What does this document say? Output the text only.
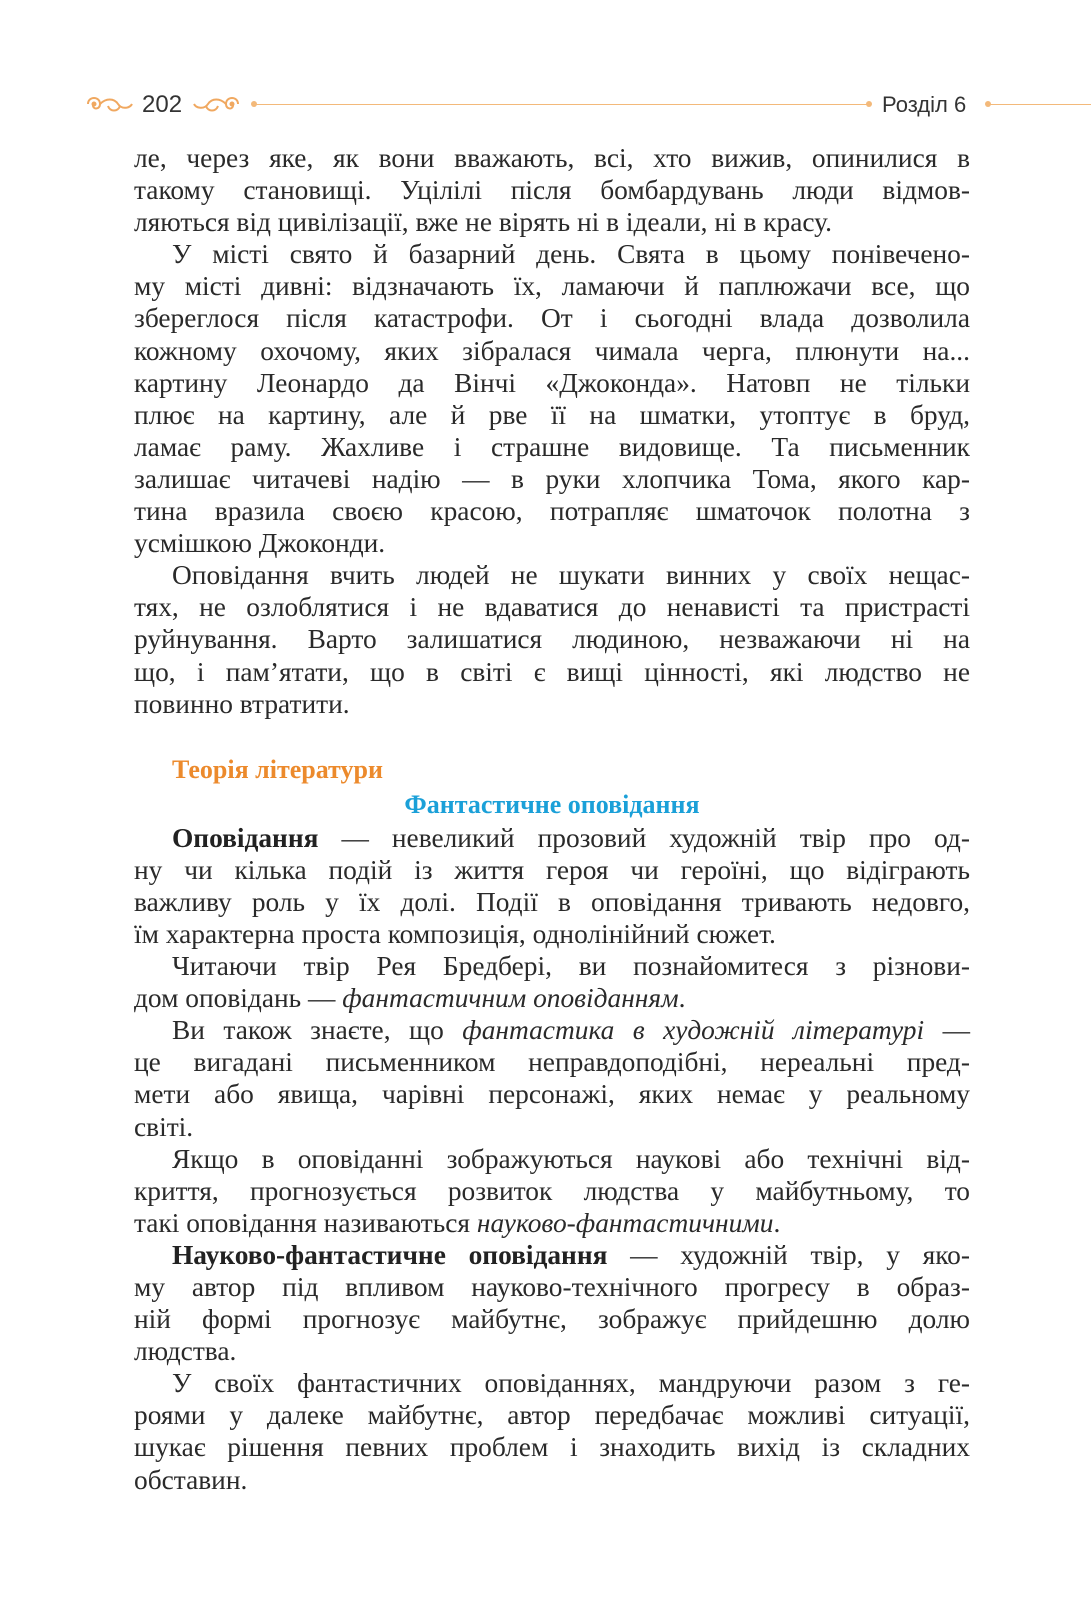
202	Розділ 6

ле, через яке, як вони вважають, всі, хто вижив, опинилися в
такому становищі. Уцілілі після бомбардувань люди відмов-
ляються від цивілізації, вже не вірять ні в ідеали, ні в красу.

У місті свято й базарний день. Свята в цьому понівечено-
му місті дивні: відзначають їх, ламаючи й паплюжачи все, що
збереглося після катастрофи. От і сьогодні влада дозволила
кожному охочому, яких зібралася чимала черга, плюнути на...
картину Леонардо да Вінчі «Джоконда». Натовп не тільки
плює на картину, але й рве її на шматки, утоптує в бруд,
ламає раму. Жахливе і страшне видовище. Та письменник
залишає читачеві надію — в руки хлопчика Тома, якого кар-
тина вразила своєю красою, потрапляє шматочок полотна з
усмішкою Джоконди.

Оповідання вчить людей не шукати винних у своїх нещас-
тях, не озлоблятися і не вдаватися до ненависті та пристрасті
руйнування. Варто залишатися людиною, незважаючи ні на
що, і пам’ятати, що в світі є вищі цінності, які людство не
повинно втратити.

Теорія літератури
Фантастичне оповідання

Оповідання — невеликий прозовий художній твір про од-
ну чи кілька подій із життя героя чи героїні, що відіграють
важливу роль у їх долі. Події в оповідання тривають недовго,
їм характерна проста композиція, однолінійний сюжет.

Читаючи твір Рея Бредбері, ви познайомитеся з різнови-
дом оповідань — фантастичним оповіданням.

Ви також знаєте, що фантастика в художній літературі —
це вигадані письменником неправдоподібні, нереальні пред-
мети або явища, чарівні персонажі, яких немає у реальному
світі.

Якщо в оповіданні зображуються наукові або технічні від-
криття, прогнозується розвиток людства у майбутньому, то
такі оповідання називаються науково-фантастичними.

Науково-фантастичне оповідання — художній твір, у яко-
му автор під впливом науково-технічного прогресу в образ-
ній формі прогнозує майбутнє, зображує прийдешню долю
людства.

У своїх фантастичних оповіданнях, мандруючи разом з ге-
роями у далеке майбутнє, автор передбачає можливі ситуації,
шукає рішення певних проблем і знаходить вихід із складних
обставин.
